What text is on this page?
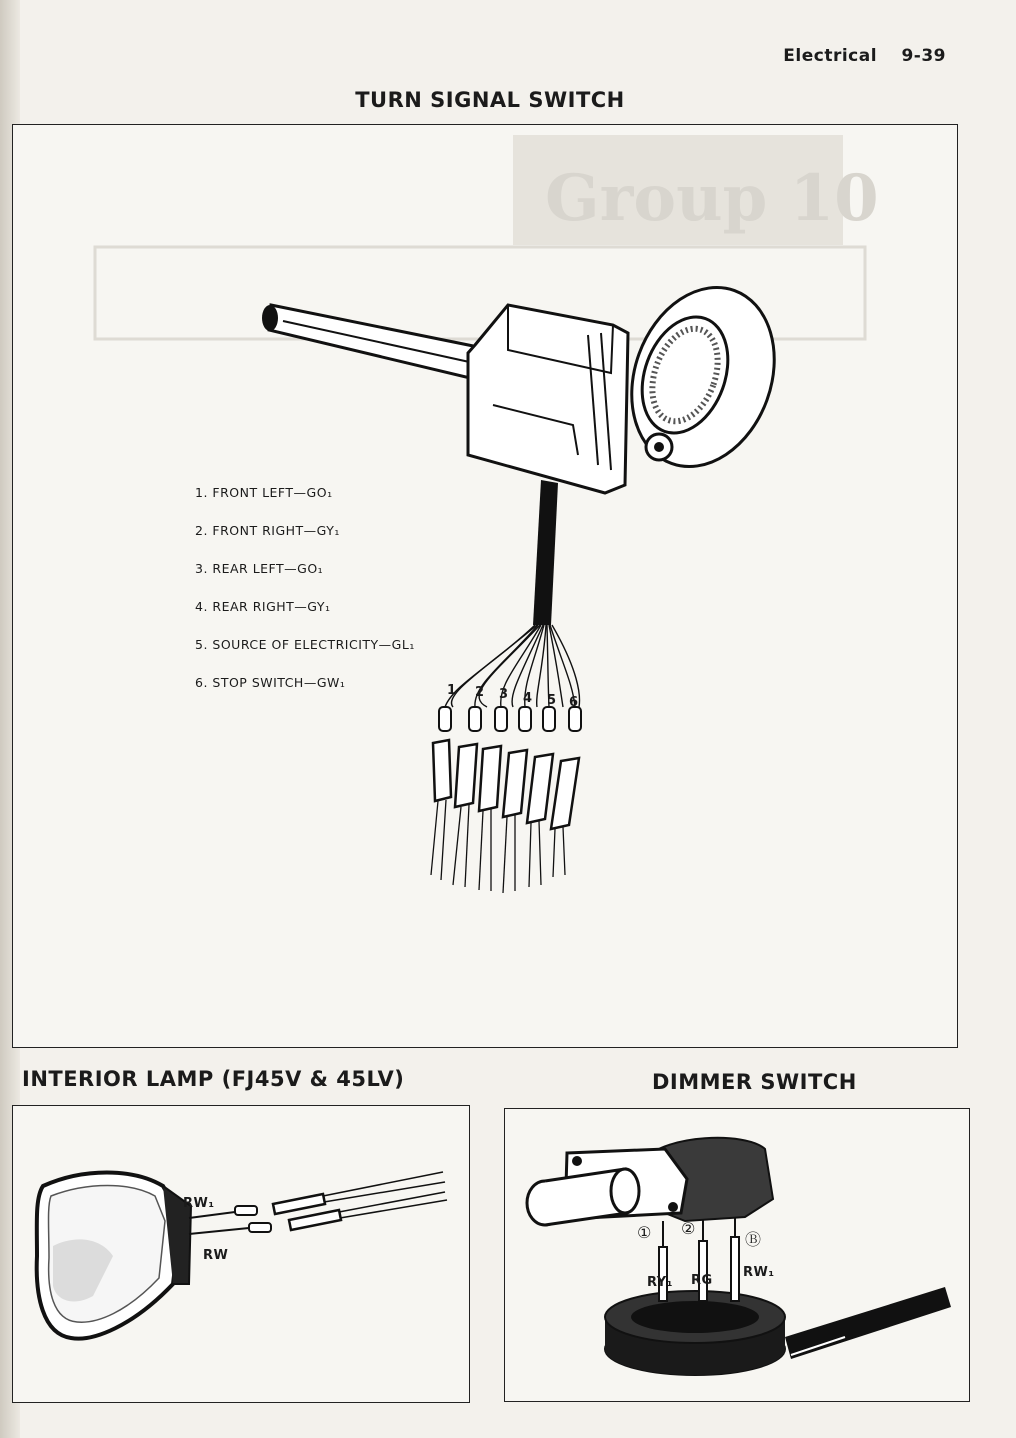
Electrical 9-39
TURN SIGNAL SWITCH
Group 10
1. FRONT LEFT—GO₁
2. FRONT RIGHT—GY₁
3. REAR LEFT—GO₁
4. REAR RIGHT—GY₁
5. SOURCE OF ELECTRICITY—GL₁
6. STOP SWITCH—GW₁
1 2 3 4 5 6
INTERIOR LAMP (FJ45V & 45LV)	DIMMER SWITCH
RW₁
RW
① ②
Ⓑ
RY₁ RG
RW₁
